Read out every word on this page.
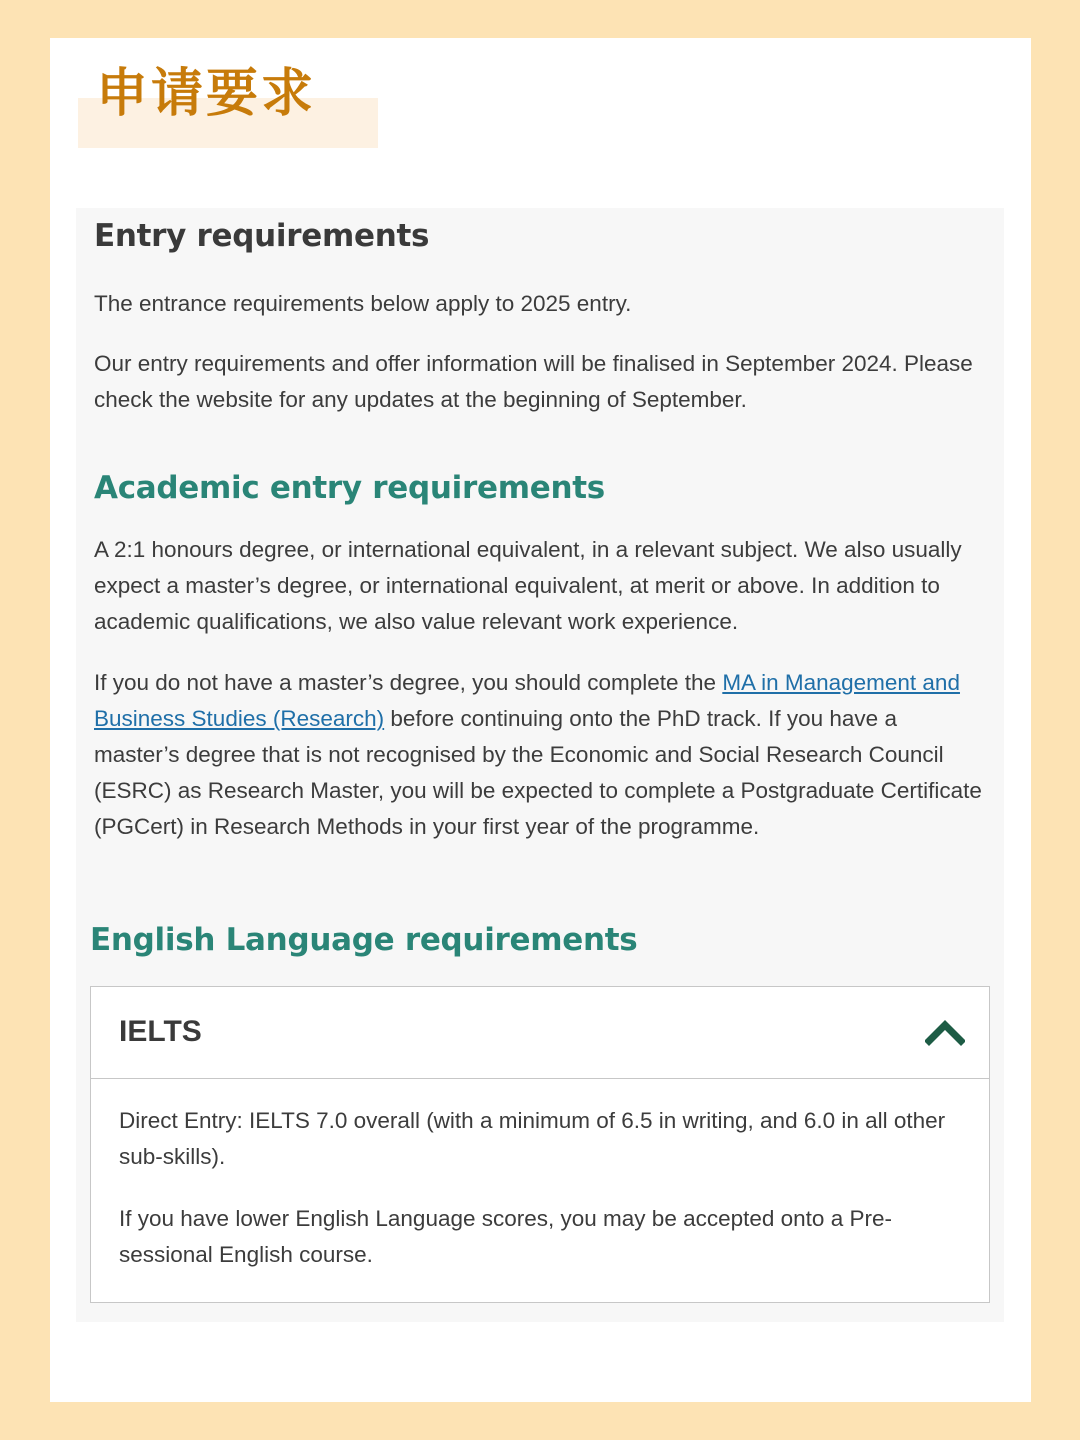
申请要求
Entry requirements
The entrance requirements below apply to 2025 entry.
Our entry requirements and offer information will be finalised in September 2024. Please check the website for any updates at the beginning of September.
Academic entry requirements
A 2:1 honours degree, or international equivalent, in a relevant subject. We also usually expect a master’s degree, or international equivalent, at merit or above. In addition to academic qualifications, we also value relevant work experience.
If you do not have a master’s degree, you should complete the MA in Management and Business Studies (Research) before continuing onto the PhD track. If you have a master’s degree that is not recognised by the Economic and Social Research Council (ESRC) as Research Master, you will be expected to complete a Postgraduate Certificate (PGCert) in Research Methods in your first year of the programme.
English Language requirements
IELTS
Direct Entry: IELTS 7.0 overall (with a minimum of 6.5 in writing, and 6.0 in all other sub-skills).
If you have lower English Language scores, you may be accepted onto a Pre-sessional English course.
